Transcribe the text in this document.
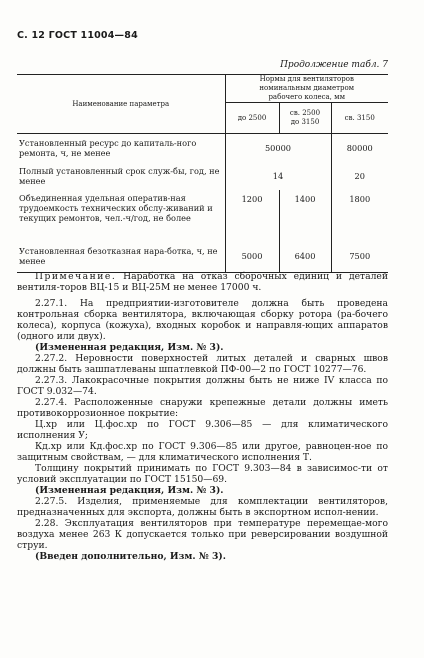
С. 12 ГОСТ 11004—84
Продолжение табл. 7
Наименование параметра	Нормы для вентиляторов номинальным диаметром рабочего колеса, мм		
	до 2500	св. 2500
до 3150	св. 3150
Установленный ресурс до капиталь-ного ремонта, ч, не менее	50000		80000
Полный установленный срок служ-бы, год, не менее	14		20
Объединенная удельная оператив-ная трудоемкость технических обслу-живаний и текущих ремонтов, чел.-ч/год, не более	1200	1400	1800
Установленная безотказная нара-ботка, ч, не менее	5000	6400	7500

Примечание. Наработка на отказ сборочных единиц и деталей вентиля-торов ВЦ-15 и ВЦ-25М не менее 17000 ч.

2.27.1. На предприятии-изготовителе должна быть проведена контрольная сборка вентилятора, включающая сборку ротора (ра-бочего колеса), корпуса (кожуха), входных коробок и направля-ющих аппаратов (одного или двух).

(Измененная редакция, Изм. № 3).

2.27.2. Неровности поверхностей литых деталей и сварных швов должны быть зашпатлеваны шпатлевкой ПФ-00—2 по ГОСТ 10277—76.

2.27.3. Лакокрасочные покрытия должны быть не ниже IV класса по ГОСТ 9.032—74.

2.27.4. Расположенные снаружи крепежные детали должны иметь противокоррозионное покрытие:

Ц.хр или Ц.фос.хр по ГОСТ 9.306—85 — для климатического исполнения У;

Кд.хр или Кд.фос.хр по ГОСТ 9.306—85 или другое, равноцен-ное по защитным свойствам, — для климатического исполнения Т.

Толщину покрытий принимать по ГОСТ 9.303—84 в зависимос-ти от условий эксплуатации по ГОСТ 15150—69.

(Измененная редакция, Изм. № 3).

2.27.5. Изделия, применяемые для комплектации вентиляторов, предназначенных для экспорта, должны быть в экспортном испол-нении.

2.28. Эксплуатация вентиляторов при температуре перемещае-мого воздуха менее 263 К допускается только при реверсировании воздушной струи.

(Введен дополнительно, Изм. № 3).
